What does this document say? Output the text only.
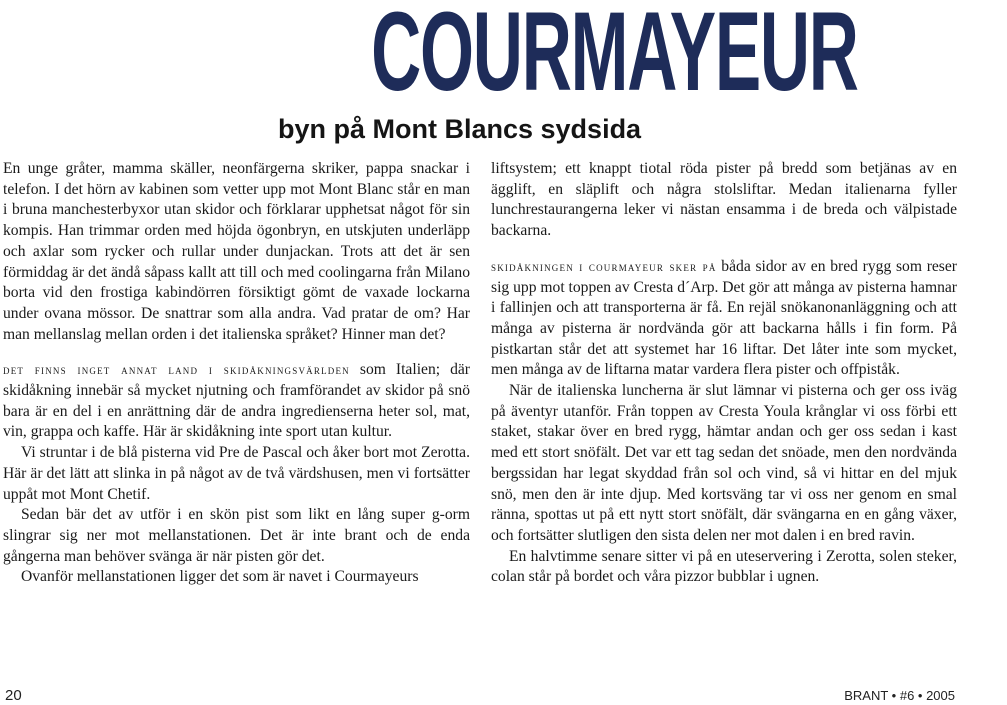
COURMAYEUR
byn på Mont Blancs sydsida

En unge gråter, mamma skäller, neonfärgerna skriker, pappa snackar i telefon. I det hörn av kabinen som vetter upp mot Mont Blanc står en man i bruna manchesterbyxor utan skidor och förklarar upphetsat något för sin kompis. Han trimmar orden med höjda ögonbryn, en utskjuten underläpp och axlar som rycker och rullar under dunjackan. Trots att det är sen förmiddag är det ändå såpass kallt att till och med coolingarna från Milano borta vid den frostiga kabindörren försiktigt gömt de vaxade lockarna under ovana mössor. De snattrar som alla andra. Vad pratar de om? Har man mellanslag mellan orden i det italienska språket? Hinner man det?

det finns inget annat land i skidåkningsvärlden som Italien; där skidåkning innebär så mycket njutning och framförandet av skidor på snö bara är en del i en anrättning där de andra ingredienserna heter sol, mat, vin, grappa och kaffe. Här är skidåkning inte sport utan kultur.

Vi struntar i de blå pisterna vid Pre de Pascal och åker bort mot Zerotta. Här är det lätt att slinka in på något av de två värdshusen, men vi fortsätter uppåt mot Mont Chetif.

Sedan bär det av utför i en skön pist som likt en lång super g-orm slingrar sig ner mot mellanstationen. Det är inte brant och de enda gångerna man behöver svänga är när pisten gör det.

Ovanför mellanstationen ligger det som är navet i Courmayeurs

liftsystem; ett knappt tiotal röda pister på bredd som betjänas av en ägglift, en släplift och några stolsliftar. Medan italienarna fyller lunchrestaurangerna leker vi nästan ensamma i de breda och välpistade backarna.

skidåkningen i courmayeur sker på båda sidor av en bred rygg som reser sig upp mot toppen av Cresta d´Arp. Det gör att många av pisterna hamnar i fallinjen och att transporterna är få. En rejäl snökanonanläggning och att många av pisterna är nordvända gör att backarna hålls i fin form. På pistkartan står det att systemet har 16 liftar. Det låter inte som mycket, men många av de liftarna matar vardera flera pister och offpiståk.

När de italienska luncherna är slut lämnar vi pisterna och ger oss iväg på äventyr utanför. Från toppen av Cresta Youla krånglar vi oss förbi ett staket, stakar över en bred rygg, hämtar andan och ger oss sedan i kast med ett stort snöfält. Det var ett tag sedan det snöade, men den nordvända bergssidan har legat skyddad från sol och vind, så vi hittar en del mjuk snö, men den är inte djup. Med kortsväng tar vi oss ner genom en smal ränna, spottas ut på ett nytt stort snöfält, där svängarna en en gång växer, och fortsätter slutligen den sista delen ner mot dalen i en bred ravin.

En halvtimme senare sitter vi på en uteservering i Zerotta, solen steker, colan står på bordet och våra pizzor bubblar i ugnen.

20	BRANT • #6 • 2005
